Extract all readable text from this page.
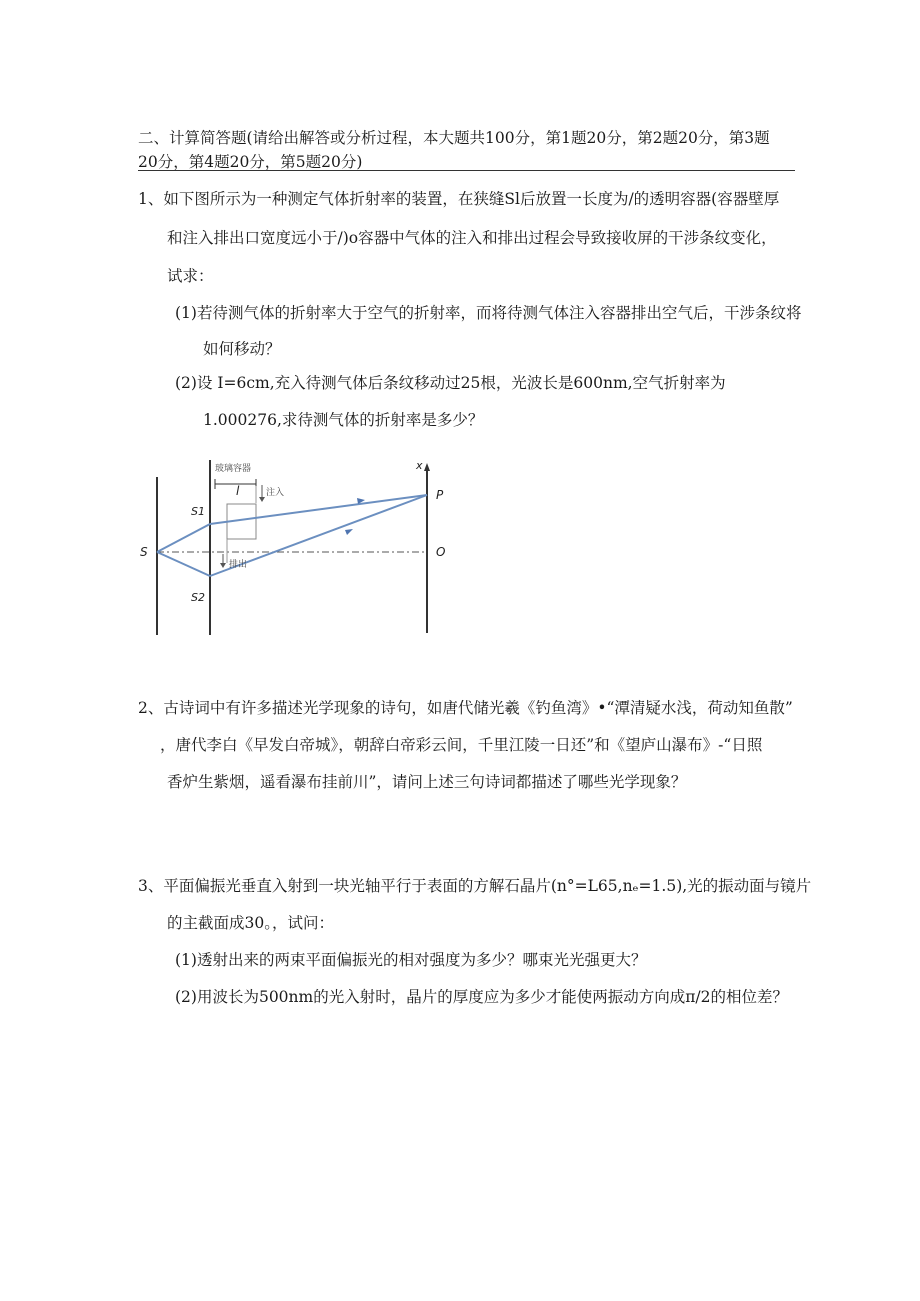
二、计算简答题(请给出解答或分析过程，本大题共100分，第1题20分，第2题20分，第3题
20分，第4题20分，第5题20分)
1、如下图所示为一种测定气体折射率的装置，在狭缝Sl后放置一长度为/的透明容器(容器壁厚
和注入排出口宽度远小于/)o容器中气体的注入和排出过程会导致接收屏的干涉条纹变化，
试求：
(1)若待测气体的折射率大于空气的折射率，而将待测气体注入容器排出空气后，干涉条纹将
如何移动？
(2)设 I=6cm,充入待测气体后条纹移动过25根，光波长是600nm,空气折射率为
1.000276,求待测气体的折射率是多少？
玻璃容器
l	注入
排出
S
S1
S2
x
P
O
2、古诗词中有许多描述光学现象的诗句，如唐代储光羲《钓鱼湾》•“潭清疑水浅，荷动知鱼散”
，唐代李白《早发白帝城》，朝辞白帝彩云间，千里江陵一日还”和《望庐山瀑布》-“日照
香炉生紫烟，遥看瀑布挂前川”，请问上述三句诗词都描述了哪些光学现象？
3、平面偏振光垂直入射到一块光轴平行于表面的方解石晶片(n°=L65,nₑ=1.5),光的振动面与镜片
的主截面成30。，试问：
(1)透射出来的两束平面偏振光的相对强度为多少？哪束光光强更大？
(2)用波长为500nm的光入射时，晶片的厚度应为多少才能使两振动方向成π/2的相位差？
